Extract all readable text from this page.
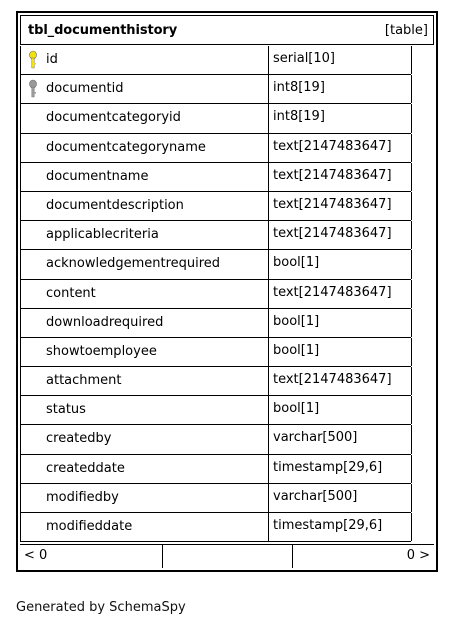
tbl_documenthistory	[table]
id	serial[10]
documentid	int8[19]
documentcategoryid	int8[19]
documentcategoryname	text[2147483647]
documentname	text[2147483647]
documentdescription	text[2147483647]
applicablecriteria	text[2147483647]
acknowledgementrequired	bool[1]
content	text[2147483647]
downloadrequired	bool[1]
showtoemployee	bool[1]
attachment	text[2147483647]
status	bool[1]
createdby	varchar[500]
createddate	timestamp[29,6]
modifiedby	varchar[500]
modifieddate	timestamp[29,6]
< 0	0 >
Generated by SchemaSpy
